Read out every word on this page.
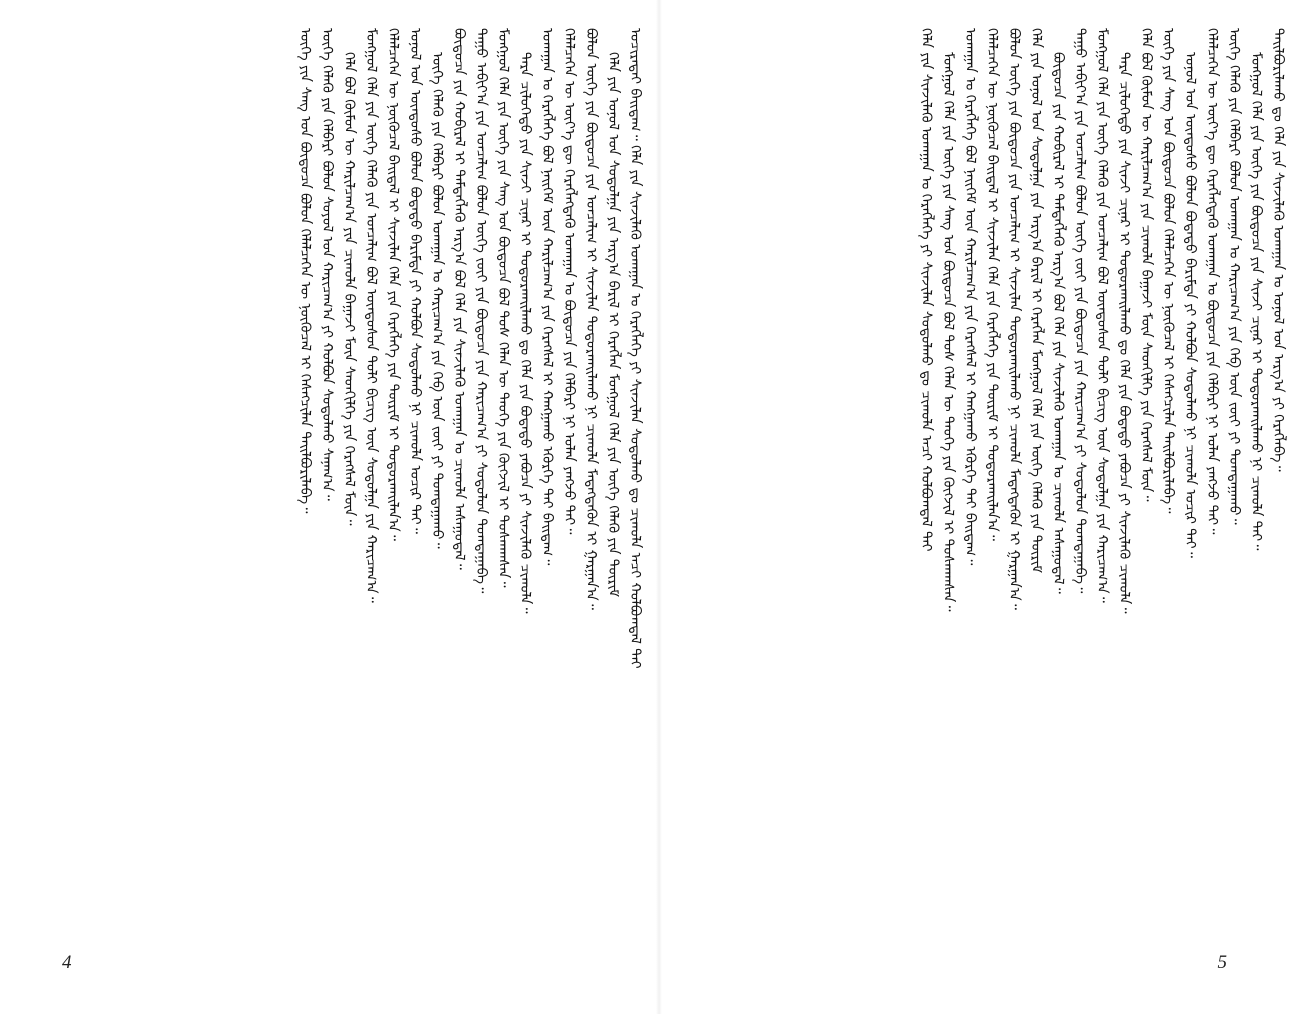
ᠤᠴᠢᠷᠠᠳᠠᠢ ᠪᠠᠢᠳᠠᠭ᠃ ᠬᠡᠯᠡ ᠶᠢᠨ ᠰᠢᠨᠵᠢᠯᠡᠬᠦ ᠤᠬᠠᠭᠠᠨ ᠤ ᠬᠡᠷᠡᠭᠯᠡᠭᠡ ᠶᠢ ᠰᠢᠨᠵᠢᠯᠡᠨ ᠰᠤᠳᠤᠯᠬᠤ ᠳᠤ ᠴᠢᠬᠤᠯᠠ ᠠᠴᠢ ᠬᠤᠯᠪᠤᠭᠳᠠᠯ ᠲᠠᠢ
ᠬᠡᠯᠡ ᠶᠢᠨ ᠣᠨᠣᠯ ᠤᠨ ᠰᠤᠳᠤᠯᠭᠠ ᠶᠢᠨ ᠠᠷᠭ᠎ᠠ ᠪᠠᠷᠢᠯ ᠢ ᠬᠡᠷᠡᠭᠯᠡᠨ ᠮᠣᠩᠭᠣᠯ ᠬᠡᠯᠡ ᠶᠢᠨ ᠦᠭᠡ ᠬᠡᠯᠡᠬᠦ ᠶᠢᠨ ᠳᠦᠷᠢᠮ
ᠪᠣᠯᠣᠨ ᠦᠭᠡ ᠶᠢᠨ ᠪᠦᠲᠦᠴᠡ ᠶᠢᠨ ᠣᠨᠴᠠᠯᠢᠭ ᠢ ᠰᠢᠨᠵᠢᠯᠡᠨ ᠲᠣᠳᠤᠷᠬᠠᠢᠯᠠᠬᠤ ᠨᠢ ᠴᠢᠬᠤᠯᠠ ᠮᠡᠳᠡᠭᠳᠡᠬᠦᠨ ᠢ ᠭᠠᠷᠭᠠᠨ᠎ᠠ᠃
ᠬᠡᠯᠡᠯᠴᠡᠭᠡᠨ ᠦ ᠦᠶ᠎ᠡ ᠳᠦ ᠬᠡᠷᠡᠭᠯᠡᠭᠳᠡᠬᠦ ᠤᠬᠠᠭᠠᠨ ᠤ ᠪᠦᠲᠦᠴᠡ ᠶᠢᠨ ᠬᠡᠯᠪᠡᠷᠢ ᠨᠢ ᠣᠯᠠᠨ ᠶᠠᠩᠵᠤ ᠲᠠᠢ᠃
ᠤᠬᠠᠭᠠᠨ ᠤ ᠬᠡᠷᠡᠭᠯᠡᠭᠡ ᠪᠣᠯ ᠨᠡᠢᠭᠡᠮ ᠦᠨ ᠬᠠᠷᠢᠯᠴᠠᠭ᠎ᠠ ᠶᠢᠨ ᠬᠡᠷᠡᠭᠰᠡᠯ ᠢ ᠬᠠᠩᠭᠠᠬᠤ ᠡᠭᠦᠷᠭᠡ ᠲᠠᠢ ᠪᠠᠢᠳᠠᠭ᠃
ᠲᠡᠷᠡ ᠴᠢᠯᠦᠭᠡᠲᠦ ᠶᠢᠨ ᠰᠢᠨᠵᠢ ᠴᠢᠨᠠᠷ ᠢ ᠲᠣᠳᠤᠷᠬᠠᠢᠯᠠᠬᠤ ᠳᠤ ᠬᠡᠯᠡ ᠶᠢᠨ ᠪᠣᠳᠠᠲᠤ ᠶᠠᠪᠤᠴᠠ ᠶᠢ ᠰᠢᠨᠵᠢᠯᠡᠬᠦ ᠴᠢᠬᠤᠯᠠ᠃
ᠮᠣᠩᠭᠣᠯ ᠬᠡᠯᠡ ᠶᠢᠨ ᠦᠭᠡ ᠶᠢᠨ ᠰᠠᠩ ᠤᠨ ᠪᠦᠲᠦᠴᠡ ᠪᠣᠯ ᠲᠤᠰ ᠬᠡᠯᠡᠨ ᠦ ᠲᠡᠦᠬᠡ ᠶᠢᠨ ᠬᠥᠭᠵᠢᠯ ᠢ ᠲᠤᠰᠬᠠᠭᠰᠠᠨ᠃
ᠳᠠᠭᠤ ᠠᠪᠢᠶ᠎ᠠ ᠶᠢᠨ ᠣᠨᠴᠠᠯᠢᠭ ᠪᠣᠯᠣᠨ ᠦᠭᠡ ᠵᠦᠢ ᠶᠢᠨ ᠪᠦᠲᠦᠴᠡ ᠶᠢᠨ ᠬᠠᠷᠢᠴᠠᠭ᠎ᠠ ᠶᠢ ᠰᠤᠳᠤᠯᠤᠨ ᠲᠣᠭᠲᠠᠭᠠᠪᠠ᠃
ᠪᠦᠲᠦᠴᠡ ᠶᠢᠨ ᠬᠤᠪᠢᠷᠠᠯ ᠢ ᠲᠡᠮᠳᠡᠭᠯᠡᠬᠦ ᠠᠷᠭ᠎ᠠ ᠪᠣᠯ ᠬᠡᠯᠡ ᠶᠢᠨ ᠰᠢᠨᠵᠢᠯᠡᠬᠦ ᠤᠬᠠᠭᠠᠨ ᠤ ᠴᠢᠬᠤᠯᠠ ᠠᠰᠠᠭᠤᠳᠠᠯ᠃
ᠦᠭᠡ ᠬᠡᠯᠡᠬᠦ ᠶᠢᠨ ᠬᠡᠯᠪᠡᠷᠢ ᠪᠣᠯᠣᠨ ᠤᠬᠠᠭᠠᠨ ᠤ ᠬᠠᠷᠢᠴᠠᠭ᠎ᠠ ᠶᠢᠨ ᠬᠡᠪ ᠦᠨ ᠵᠦᠢ ᠶᠢ ᠲᠣᠭᠲᠠᠭᠠᠬᠤ᠃
ᠣᠨᠣᠯ ᠤᠨ ᠦᠨᠳᠦᠰᠦ ᠪᠣᠯᠣᠨ ᠪᠣᠳᠠᠲᠤ ᠪᠠᠷᠢᠮᠲᠠ ᠶᠢ ᠬᠣᠯᠪᠣᠨ ᠰᠤᠳᠤᠯᠬᠤ ᠨᠢ ᠴᠢᠬᠤᠯᠠ ᠤᠴᠢᠷ ᠲᠠᠢ᠃
ᠬᠡᠯᠡᠯᠴᠡᠭᠡᠨ ᠦ ᠨᠥᠬᠦᠴᠡᠯ ᠪᠠᠢᠳᠠᠯ ᠢ ᠰᠢᠨᠵᠢᠯᠡᠨ ᠬᠡᠯᠡ ᠶᠢᠨ ᠬᠡᠷᠡᠭᠯᠡᠭᠡ ᠶᠢᠨ ᠳᠦᠷᠢᠮ ᠢ ᠲᠣᠳᠤᠷᠬᠠᠢᠯᠠᠨ᠎ᠠ᠃
ᠮᠣᠩᠭᠣᠯ ᠬᠡᠯᠡ ᠶᠢᠨ ᠦᠭᠡ ᠬᠡᠯᠡᠬᠦ ᠶᠢᠨ ᠣᠨᠴᠠᠯᠢᠭ ᠪᠣᠯ ᠦᠨᠳᠦᠰᠦᠨ ᠲᠣᠯᠢ ᠪᠢᠴᠢᠭ ᠦᠨ ᠰᠤᠳᠤᠯᠭᠠ ᠶᠢᠨ ᠬᠠᠷᠢᠴᠠᠭ᠎ᠠ᠃
ᠬᠡᠯᠡ ᠪᠣᠯ ᠬᠦᠮᠦᠨ ᠦ ᠬᠠᠷᠢᠯᠴᠠᠭ᠎ᠠ ᠶᠢᠨ ᠴᠢᠬᠤᠯᠠ ᠪᠠᠭᠠᠵᠢ ᠮᠥᠨ ᠰᠡᠳᠬᠢᠯᠭᠡ ᠶᠢᠨ ᠬᠡᠷᠡᠭᠰᠡᠯ ᠮᠥᠨ᠃
ᠦᠭᠡ ᠬᠡᠯᠡᠬᠦ ᠶᠢᠨ ᠬᠡᠯᠪᠡᠷᠢ ᠪᠣᠯᠣᠨ ᠰᠣᠶᠣᠯ ᠤᠨ ᠬᠠᠷᠢᠴᠠᠭ᠎ᠠ ᠶᠢ ᠬᠣᠯᠪᠣᠨ ᠰᠤᠳᠤᠯᠬᠤ ᠰᠠᠨᠠᠭ᠎ᠠ᠃
ᠦᠭᠡ ᠶᠢᠨ ᠰᠠᠩ ᠤᠨ ᠪᠦᠲᠦᠴᠡ ᠪᠣᠯᠣᠨ ᠬᠡᠯᠡᠯᠴᠡᠭᠡᠨ ᠦ ᠨᠥᠬᠦᠴᠡᠯ ᠢ ᠬᠡᠰᠡᠭᠴᠢᠯᠡᠨ ᠲᠠᠢᠯᠪᠤᠷᠢᠯᠠᠪᠠ᠃
4
ᠲᠠᠢᠯᠪᠤᠷᠢᠯᠠᠬᠤ ᠳᠤ ᠬᠡᠯᠡ ᠶᠢᠨ ᠰᠢᠨᠵᠢᠯᠡᠬᠦ ᠤᠬᠠᠭᠠᠨ ᠤ ᠣᠨᠣᠯ ᠤᠨ ᠠᠷᠭ᠎ᠠ ᠶᠢ ᠬᠡᠷᠡᠭᠯᠡᠪᠡ᠃
ᠮᠣᠩᠭᠣᠯ ᠬᠡᠯᠡ ᠶᠢᠨ ᠦᠭᠡ ᠶᠢᠨ ᠪᠦᠲᠦᠴᠡ ᠶᠢᠨ ᠰᠢᠨᠵᠢ ᠴᠢᠨᠠᠷ ᠢ ᠲᠣᠳᠤᠷᠬᠠᠢᠯᠠᠬᠤ ᠨᠢ ᠴᠢᠬᠤᠯᠠ ᠲᠠᠢ᠃
ᠦᠭᠡ ᠬᠡᠯᠡᠬᠦ ᠶᠢᠨ ᠬᠡᠯᠪᠡᠷᠢ ᠪᠣᠯᠣᠨ ᠤᠬᠠᠭᠠᠨ ᠤ ᠬᠠᠷᠢᠴᠠᠭ᠎ᠠ ᠶᠢᠨ ᠬᠡᠪ ᠦᠨ ᠵᠦᠢ ᠶᠢ ᠲᠣᠭᠲᠠᠭᠠᠬᠤ᠃
ᠬᠡᠯᠡᠯᠴᠡᠭᠡᠨ ᠦ ᠦᠶ᠎ᠡ ᠳᠦ ᠬᠡᠷᠡᠭᠯᠡᠭᠳᠡᠬᠦ ᠤᠬᠠᠭᠠᠨ ᠤ ᠪᠦᠲᠦᠴᠡ ᠶᠢᠨ ᠬᠡᠯᠪᠡᠷᠢ ᠨᠢ ᠣᠯᠠᠨ ᠶᠠᠩᠵᠤ ᠲᠠᠢ᠃
ᠣᠨᠣᠯ ᠤᠨ ᠦᠨᠳᠦᠰᠦ ᠪᠣᠯᠣᠨ ᠪᠣᠳᠠᠲᠤ ᠪᠠᠷᠢᠮᠲᠠ ᠶᠢ ᠬᠣᠯᠪᠣᠨ ᠰᠤᠳᠤᠯᠬᠤ ᠨᠢ ᠴᠢᠬᠤᠯᠠ ᠤᠴᠢᠷ ᠲᠠᠢ᠃
ᠦᠭᠡ ᠶᠢᠨ ᠰᠠᠩ ᠤᠨ ᠪᠦᠲᠦᠴᠡ ᠪᠣᠯᠣᠨ ᠬᠡᠯᠡᠯᠴᠡᠭᠡᠨ ᠦ ᠨᠥᠬᠦᠴᠡᠯ ᠢ ᠬᠡᠰᠡᠭᠴᠢᠯᠡᠨ ᠲᠠᠢᠯᠪᠤᠷᠢᠯᠠᠪᠠ᠃
ᠬᠡᠯᠡ ᠪᠣᠯ ᠬᠦᠮᠦᠨ ᠦ ᠬᠠᠷᠢᠯᠴᠠᠭ᠎ᠠ ᠶᠢᠨ ᠴᠢᠬᠤᠯᠠ ᠪᠠᠭᠠᠵᠢ ᠮᠥᠨ ᠰᠡᠳᠬᠢᠯᠭᠡ ᠶᠢᠨ ᠬᠡᠷᠡᠭᠰᠡᠯ ᠮᠥᠨ᠃
ᠲᠡᠷᠡ ᠴᠢᠯᠦᠭᠡᠲᠦ ᠶᠢᠨ ᠰᠢᠨᠵᠢ ᠴᠢᠨᠠᠷ ᠢ ᠲᠣᠳᠤᠷᠬᠠᠢᠯᠠᠬᠤ ᠳᠤ ᠬᠡᠯᠡ ᠶᠢᠨ ᠪᠣᠳᠠᠲᠤ ᠶᠠᠪᠤᠴᠠ ᠶᠢ ᠰᠢᠨᠵᠢᠯᠡᠬᠦ ᠴᠢᠬᠤᠯᠠ᠃
ᠮᠣᠩᠭᠣᠯ ᠬᠡᠯᠡ ᠶᠢᠨ ᠦᠭᠡ ᠬᠡᠯᠡᠬᠦ ᠶᠢᠨ ᠣᠨᠴᠠᠯᠢᠭ ᠪᠣᠯ ᠦᠨᠳᠦᠰᠦᠨ ᠲᠣᠯᠢ ᠪᠢᠴᠢᠭ ᠦᠨ ᠰᠤᠳᠤᠯᠭᠠ ᠶᠢᠨ ᠬᠠᠷᠢᠴᠠᠭ᠎ᠠ᠃
ᠳᠠᠭᠤ ᠠᠪᠢᠶ᠎ᠠ ᠶᠢᠨ ᠣᠨᠴᠠᠯᠢᠭ ᠪᠣᠯᠣᠨ ᠦᠭᠡ ᠵᠦᠢ ᠶᠢᠨ ᠪᠦᠲᠦᠴᠡ ᠶᠢᠨ ᠬᠠᠷᠢᠴᠠᠭ᠎ᠠ ᠶᠢ ᠰᠤᠳᠤᠯᠤᠨ ᠲᠣᠭᠲᠠᠭᠠᠪᠠ᠃
ᠪᠦᠲᠦᠴᠡ ᠶᠢᠨ ᠬᠤᠪᠢᠷᠠᠯ ᠢ ᠲᠡᠮᠳᠡᠭᠯᠡᠬᠦ ᠠᠷᠭ᠎ᠠ ᠪᠣᠯ ᠬᠡᠯᠡ ᠶᠢᠨ ᠰᠢᠨᠵᠢᠯᠡᠬᠦ ᠤᠬᠠᠭᠠᠨ ᠤ ᠴᠢᠬᠤᠯᠠ ᠠᠰᠠᠭᠤᠳᠠᠯ᠃
ᠬᠡᠯᠡ ᠶᠢᠨ ᠣᠨᠣᠯ ᠤᠨ ᠰᠤᠳᠤᠯᠭᠠ ᠶᠢᠨ ᠠᠷᠭ᠎ᠠ ᠪᠠᠷᠢᠯ ᠢ ᠬᠡᠷᠡᠭᠯᠡᠨ ᠮᠣᠩᠭᠣᠯ ᠬᠡᠯᠡ ᠶᠢᠨ ᠦᠭᠡ ᠬᠡᠯᠡᠬᠦ ᠶᠢᠨ ᠳᠦᠷᠢᠮ
ᠪᠣᠯᠣᠨ ᠦᠭᠡ ᠶᠢᠨ ᠪᠦᠲᠦᠴᠡ ᠶᠢᠨ ᠣᠨᠴᠠᠯᠢᠭ ᠢ ᠰᠢᠨᠵᠢᠯᠡᠨ ᠲᠣᠳᠤᠷᠬᠠᠢᠯᠠᠬᠤ ᠨᠢ ᠴᠢᠬᠤᠯᠠ ᠮᠡᠳᠡᠭᠳᠡᠬᠦᠨ ᠢ ᠭᠠᠷᠭᠠᠨ᠎ᠠ᠃
ᠬᠡᠯᠡᠯᠴᠡᠭᠡᠨ ᠦ ᠨᠥᠬᠦᠴᠡᠯ ᠪᠠᠢᠳᠠᠯ ᠢ ᠰᠢᠨᠵᠢᠯᠡᠨ ᠬᠡᠯᠡ ᠶᠢᠨ ᠬᠡᠷᠡᠭᠯᠡᠭᠡ ᠶᠢᠨ ᠳᠦᠷᠢᠮ ᠢ ᠲᠣᠳᠤᠷᠬᠠᠢᠯᠠᠨ᠎ᠠ᠃
ᠤᠬᠠᠭᠠᠨ ᠤ ᠬᠡᠷᠡᠭᠯᠡᠭᠡ ᠪᠣᠯ ᠨᠡᠢᠭᠡᠮ ᠦᠨ ᠬᠠᠷᠢᠯᠴᠠᠭ᠎ᠠ ᠶᠢᠨ ᠬᠡᠷᠡᠭᠰᠡᠯ ᠢ ᠬᠠᠩᠭᠠᠬᠤ ᠡᠭᠦᠷᠭᠡ ᠲᠠᠢ ᠪᠠᠢᠳᠠᠭ᠃
ᠮᠣᠩᠭᠣᠯ ᠬᠡᠯᠡ ᠶᠢᠨ ᠦᠭᠡ ᠶᠢᠨ ᠰᠠᠩ ᠤᠨ ᠪᠦᠲᠦᠴᠡ ᠪᠣᠯ ᠲᠤᠰ ᠬᠡᠯᠡᠨ ᠦ ᠲᠡᠦᠬᠡ ᠶᠢᠨ ᠬᠥᠭᠵᠢᠯ ᠢ ᠲᠤᠰᠬᠠᠭᠰᠠᠨ᠃
ᠬᠡᠯᠡ ᠶᠢᠨ ᠰᠢᠨᠵᠢᠯᠡᠬᠦ ᠤᠬᠠᠭᠠᠨ ᠤ ᠬᠡᠷᠡᠭᠯᠡᠭᠡ ᠶᠢ ᠰᠢᠨᠵᠢᠯᠡᠨ ᠰᠤᠳᠤᠯᠬᠤ ᠳᠤ ᠴᠢᠬᠤᠯᠠ ᠠᠴᠢ ᠬᠣᠯᠪᠣᠭᠳᠠᠯ ᠲᠠᠢ
5
